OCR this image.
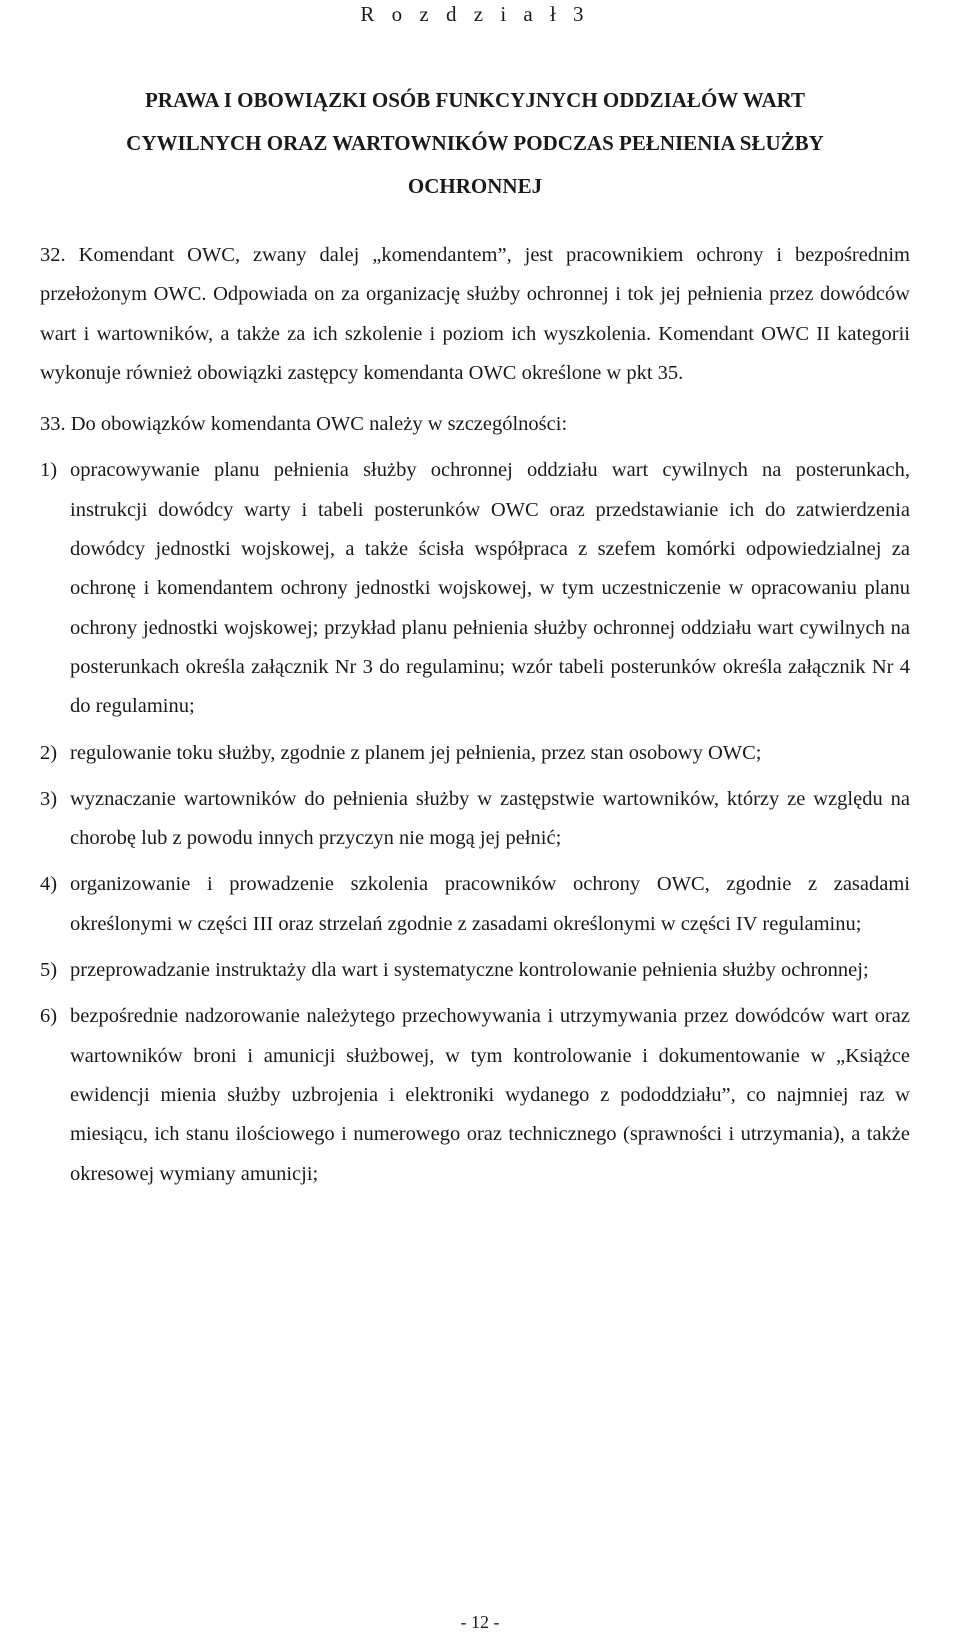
R o z d z i a ł 3
PRAWA I OBOWIĄZKI OSÓB FUNKCYJNYCH ODDZIAŁÓW WART
CYWILNYCH ORAZ WARTOWNIKÓW PODCZAS PEŁNIENIA SŁUŻBY
OCHRONNEJ
32. Komendant OWC, zwany dalej „komendantem”, jest pracownikiem ochrony i bezpośrednim przełożonym OWC. Odpowiada on za organizację służby ochronnej i tok jej pełnienia przez dowódców wart i wartowników, a także za ich szkolenie i poziom ich wyszkolenia. Komendant OWC II kategorii wykonuje również obowiązki zastępcy komendanta OWC określone w pkt 35.
33. Do obowiązków komendanta OWC należy w szczególności:
1) opracowywanie planu pełnienia służby ochronnej oddziału wart cywilnych na posterunkach, instrukcji dowódcy warty i tabeli posterunków OWC oraz przedstawianie ich do zatwierdzenia dowódcy jednostki wojskowej, a także ścisła współpraca z szefem komórki odpowiedzialnej za ochronę i komendantem ochrony jednostki wojskowej, w tym uczestniczenie w opracowaniu planu ochrony jednostki wojskowej; przykład planu pełnienia służby ochronnej oddziału wart cywilnych na posterunkach określa załącznik Nr 3 do regulaminu; wzór tabeli posterunków określa załącznik Nr 4 do regulaminu;
2) regulowanie toku służby, zgodnie z planem jej pełnienia, przez stan osobowy OWC;
3) wyznaczanie wartowników do pełnienia służby w zastępstwie wartowników, którzy ze względu na chorobę lub z powodu innych przyczyn nie mogą jej pełnić;
4) organizowanie i prowadzenie szkolenia pracowników ochrony OWC, zgodnie z zasadami określonymi w części III oraz strzelań zgodnie z zasadami określonymi w części IV regulaminu;
5) przeprowadzanie instruktaży dla wart i systematyczne kontrolowanie pełnienia służby ochronnej;
6) bezpośrednie nadzorowanie należytego przechowywania i utrzymywania przez dowódców wart oraz wartowników broni i amunicji służbowej, w tym kontrolowanie i dokumentowanie w „Książce ewidencji mienia służby uzbrojenia i elektroniki wydanego z pododdziału”, co najmniej raz w miesiącu, ich stanu ilościowego i numerowego oraz technicznego (sprawności i utrzymania), a także okresowej wymiany amunicji;
- 12 -
